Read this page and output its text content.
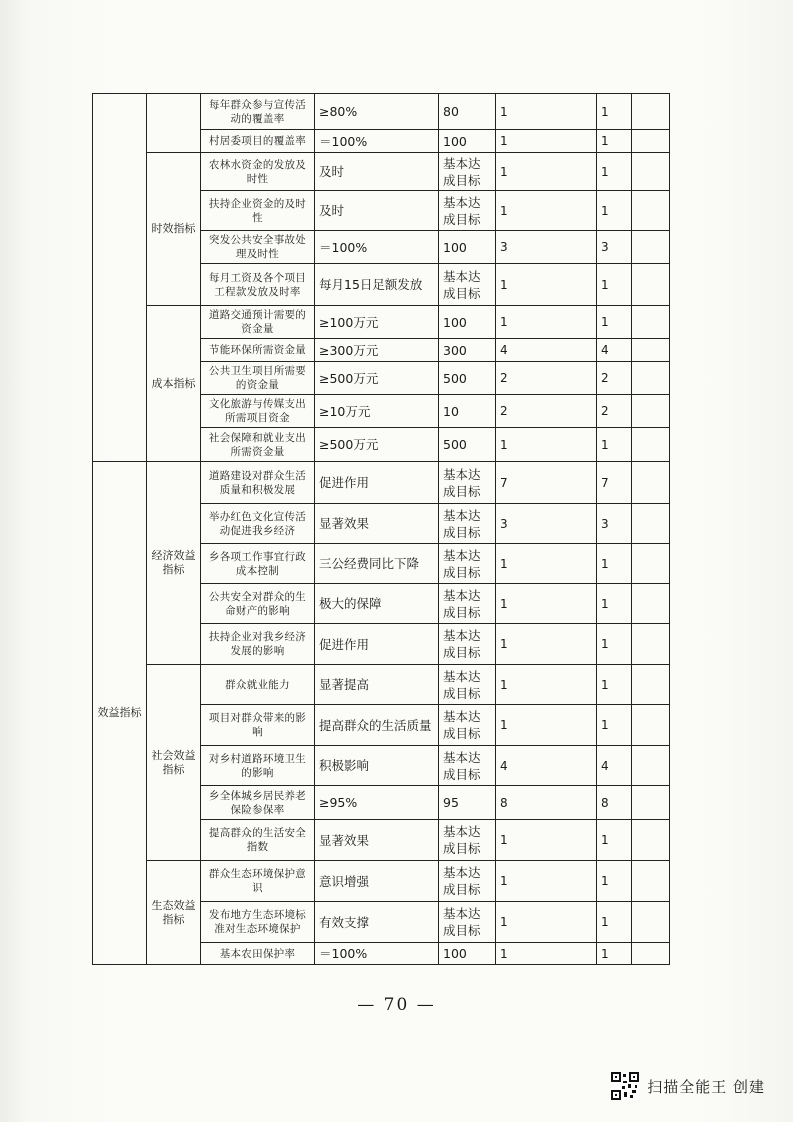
		每年群众参与宣传活动的覆盖率	≥80%	80	1	1	
		村居委项目的覆盖率	＝100%	100	1	1	
	时效指标	农林水资金的发放及时性	及时	基本达成目标	1	1	
		扶持企业资金的及时性	及时	基本达成目标	1	1	
		突发公共安全事故处理及时性	＝100%	100	3	3	
		每月工资及各个项目工程款发放及时率	每月15日足额发放	基本达成目标	1	1	
	成本指标	道路交通预计需要的资金量	≥100万元	100	1	1	
		节能环保所需资金量	≥300万元	300	4	4	
		公共卫生项目所需要的资金量	≥500万元	500	2	2	
		文化旅游与传媒支出所需项目资金	≥10万元	10	2	2	
		社会保障和就业支出所需资金量	≥500万元	500	1	1	
效益指标	经济效益指标	道路建设对群众生活质量和积极发展	促进作用	基本达成目标	7	7	
		举办红色文化宣传活动促进我乡经济	显著效果	基本达成目标	3	3	
		乡各项工作事宜行政成本控制	三公经费同比下降	基本达成目标	1	1	
		公共安全对群众的生命财产的影响	极大的保障	基本达成目标	1	1	
		扶持企业对我乡经济发展的影响	促进作用	基本达成目标	1	1	
	社会效益指标	群众就业能力	显著提高	基本达成目标	1	1	
		项目对群众带来的影响	提高群众的生活质量	基本达成目标	1	1	
		对乡村道路环境卫生的影响	积极影响	基本达成目标	4	4	
		乡全体城乡居民养老保险参保率	≥95%	95	8	8	
		提高群众的生活安全指数	显著效果	基本达成目标	1	1	
	生态效益指标	群众生态环境保护意识	意识增强	基本达成目标	1	1	
		发布地方生态环境标准对生态环境保护	有效支撑	基本达成目标	1	1	
		基本农田保护率	＝100%	100	1	1	
— 70 —
扫描全能王 创建
